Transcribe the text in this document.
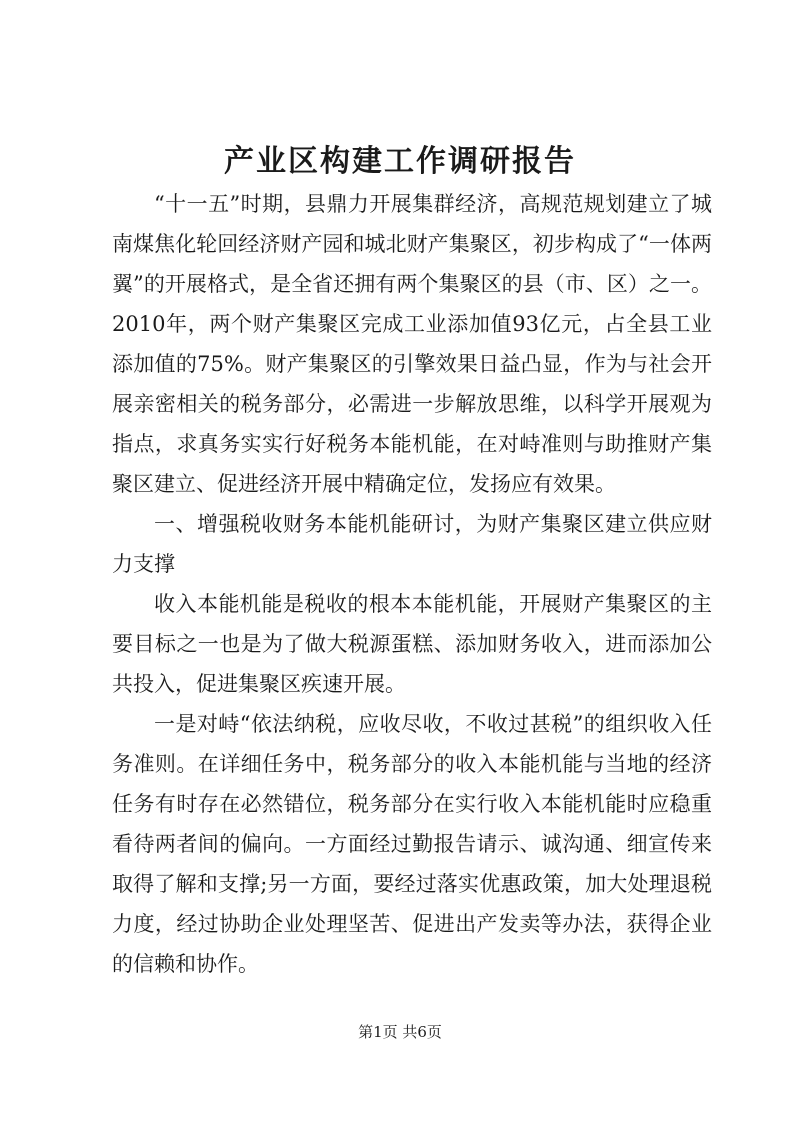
产业区构建工作调研报告

“十一五”时期，县鼎力开展集群经济，高规范规划建立了城南煤焦化轮回经济财产园和城北财产集聚区，初步构成了“一体两翼”的开展格式，是全省还拥有两个集聚区的县（市、区）之一。2010年，两个财产集聚区完成工业添加值93亿元，占全县工业添加值的75%。财产集聚区的引擎效果日益凸显，作为与社会开展亲密相关的税务部分，必需进一步解放思维，以科学开展观为指点，求真务实实行好税务本能机能，在对峙准则与助推财产集聚区建立、促进经济开展中精确定位，发扬应有效果。

一、增强税收财务本能机能研讨，为财产集聚区建立供应财力支撑

收入本能机能是税收的根本本能机能，开展财产集聚区的主要目标之一也是为了做大税源蛋糕、添加财务收入，进而添加公共投入，促进集聚区疾速开展。

一是对峙“依法纳税，应收尽收，不收过甚税”的组织收入任务准则。在详细任务中，税务部分的收入本能机能与当地的经济任务有时存在必然错位，税务部分在实行收入本能机能时应稳重看待两者间的偏向。一方面经过勤报告请示、诚沟通、细宣传来取得了解和支撑;另一方面，要经过落实优惠政策，加大处理退税力度，经过协助企业处理坚苦、促进出产发卖等办法，获得企业的信赖和协作。

第1页 共6页
